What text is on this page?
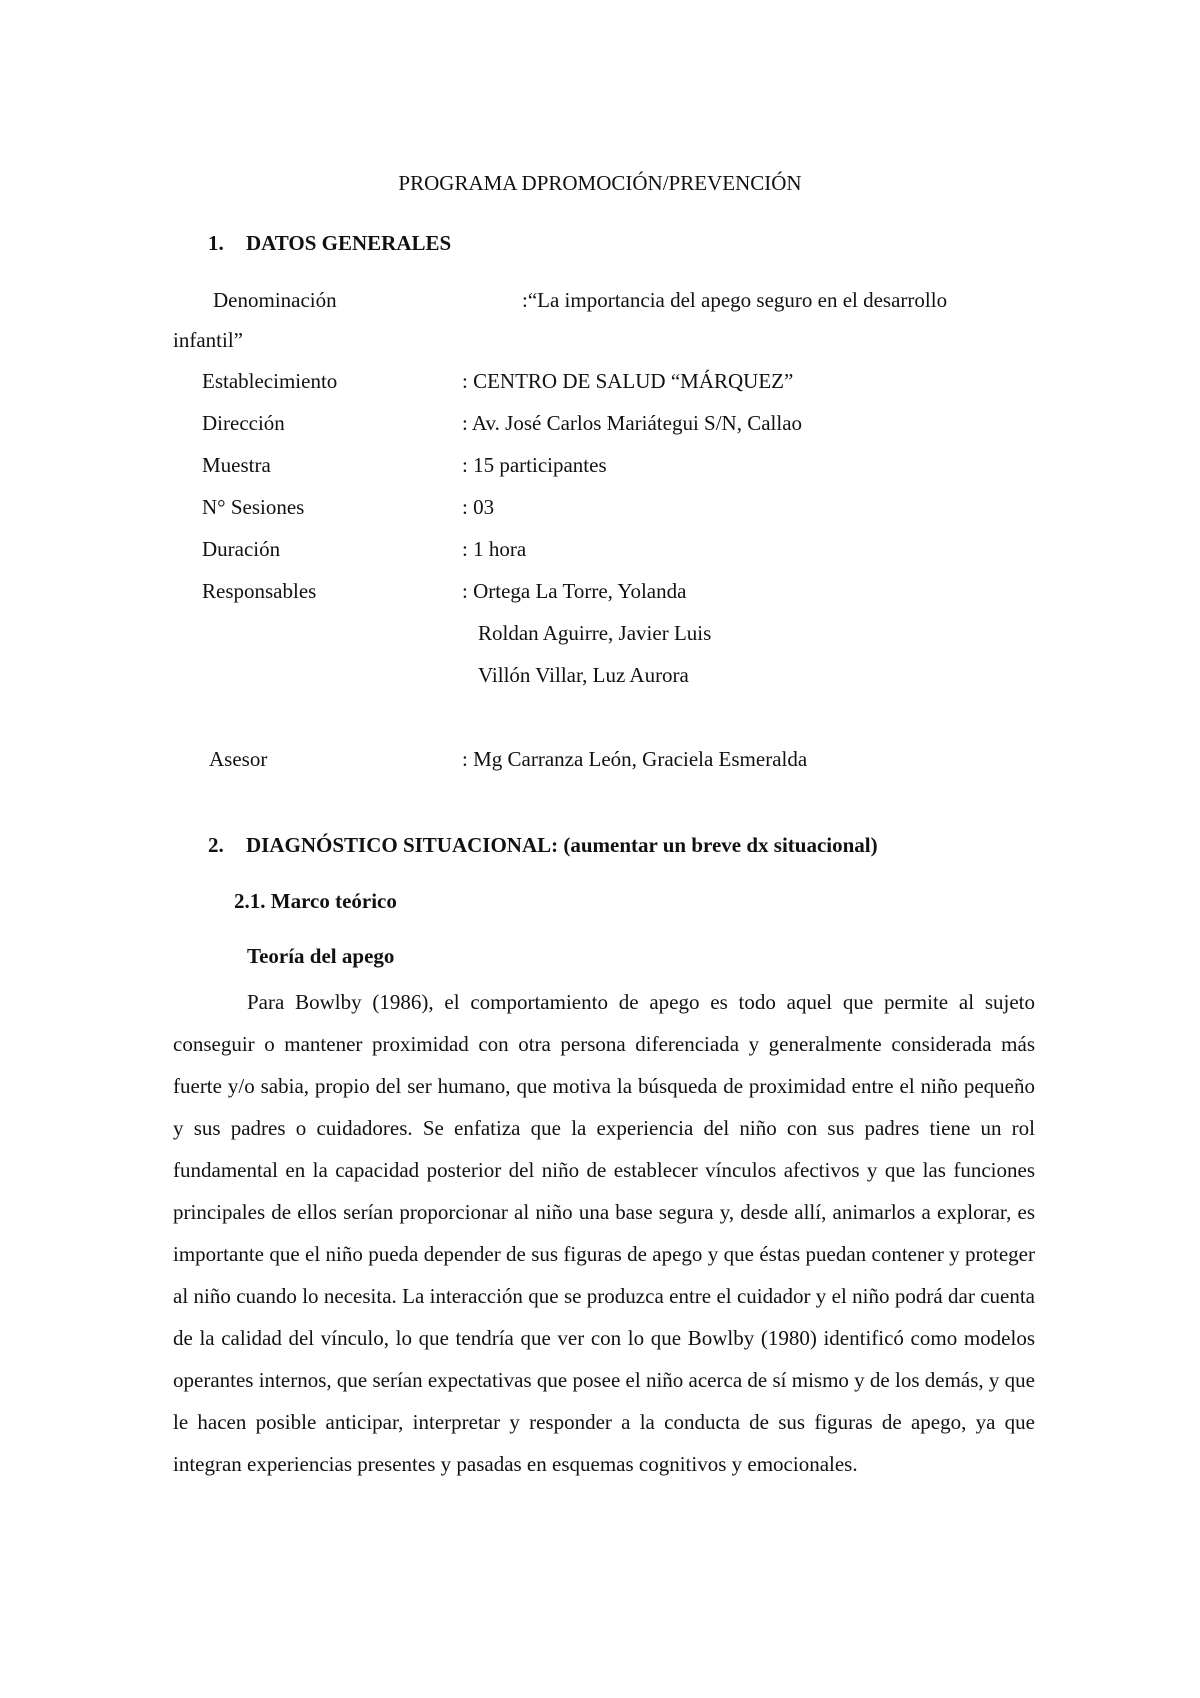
PROGRAMA DPROMOCIÓN/PREVENCIÓN
1. DATOS GENERALES
Denominación	:“La importancia del apego seguro en el desarrollo
infantil”
Establecimiento	: CENTRO DE SALUD “MÁRQUEZ”
Dirección	: Av. José Carlos Mariátegui S/N, Callao
Muestra	: 15 participantes
N° Sesiones	: 03
Duración	: 1 hora
Responsables	: Ortega La Torre, Yolanda
Roldan Aguirre, Javier Luis
Villón Villar, Luz Aurora
Asesor	: Mg Carranza León, Graciela Esmeralda
2. DIAGNÓSTICO SITUACIONAL: (aumentar un breve dx situacional)
2.1. Marco teórico
Teoría del apego

Para Bowlby (1986), el comportamiento de apego es todo aquel que permite al sujeto conseguir o mantener proximidad con otra persona diferenciada y generalmente considerada más fuerte y/o sabia, propio del ser humano, que motiva la búsqueda de proximidad entre el niño pequeño y sus padres o cuidadores. Se enfatiza que la experiencia del niño con sus padres tiene un rol fundamental en la capacidad posterior del niño de establecer vínculos afectivos y que las funciones principales de ellos serían proporcionar al niño una base segura y, desde allí, animarlos a explorar, es importante que el niño pueda depender de sus figuras de apego y que éstas puedan contener y proteger al niño cuando lo necesita. La interacción que se produzca entre el cuidador y el niño podrá dar cuenta de la calidad del vínculo, lo que tendría que ver con lo que Bowlby (1980) identificó como modelos operantes internos, que serían expectativas que posee el niño acerca de sí mismo y de los demás, y que le hacen posible anticipar, interpretar y responder a la conducta de sus figuras de apego, ya que integran experiencias presentes y pasadas en esquemas cognitivos y emocionales.
